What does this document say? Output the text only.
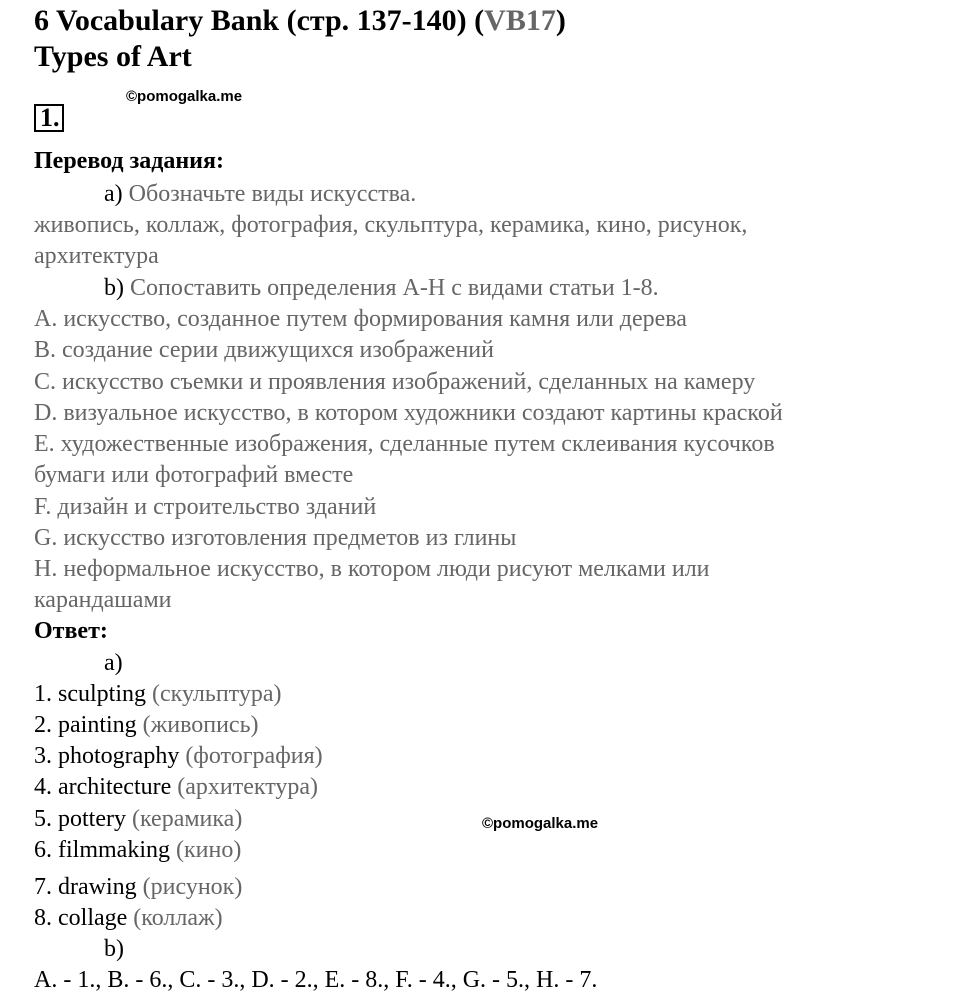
6 Vocabulary Bank (стр. 137-140) (VB17)
Types of Art
©pomogalka.me
1.
Перевод задания:
a) Обозначьте виды искусства.
живопись, коллаж, фотография, скульптура, керамика, кино, рисунок,
архитектура
b) Сопоставить определения A-H с видами статьи 1-8.
A. искусство, созданное путем формирования камня или дерева
B. создание серии движущихся изображений
C. искусство съемки и проявления изображений, сделанных на камеру
D. визуальное искусство, в котором художники создают картины краской
E. художественные изображения, сделанные путем склеивания кусочков
бумаги или фотографий вместе
F. дизайн и строительство зданий
G. искусство изготовления предметов из глины
H. неформальное искусство, в котором люди рисуют мелками или
карандашами
Ответ:
a)
1. sculpting (скульптура)
2. painting (живопись)
3. photography (фотография)
4. architecture (архитектура)
5. pottery (керамика)
6. filmmaking (кино)
7. drawing (рисунок)
8. collage (коллаж)
©pomogalka.me
b)
A. - 1., B. - 6., C. - 3., D. - 2., E. - 8., F. - 4., G. - 5., H. - 7.
